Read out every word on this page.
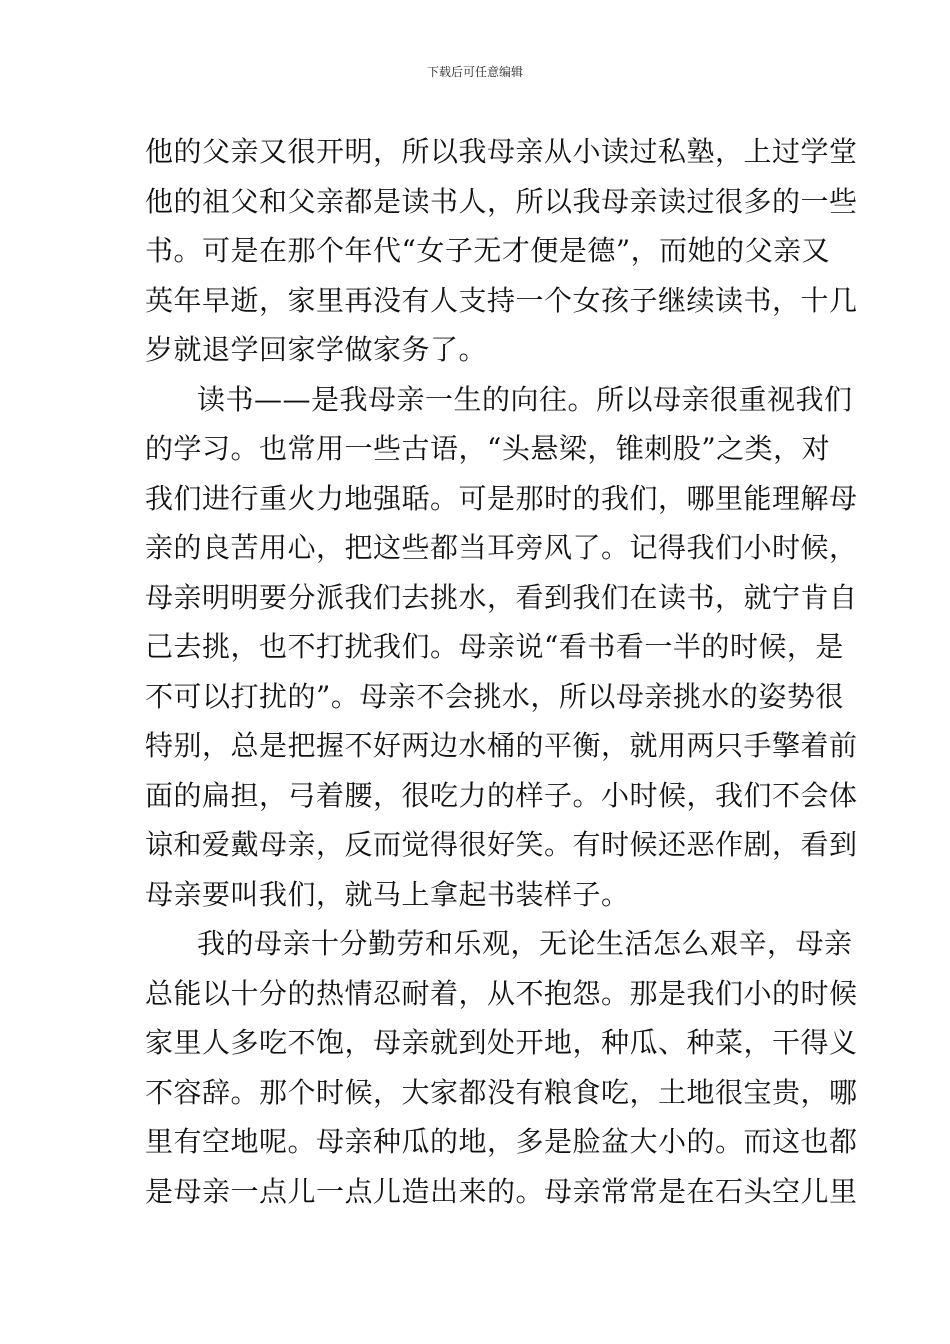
下载后可任意编辑
他的父亲又很开明，所以我母亲从小读过私塾，上过学堂
他的祖父和父亲都是读书人，所以我母亲读过很多的一些
书。可是在那个年代“女子无才便是德”，而她的父亲又
英年早逝，家里再没有人支持一个女孩子继续读书，十几
岁就退学回家学做家务了。
读书——是我母亲一生的向往。所以母亲很重视我们
的学习。也常用一些古语，“头悬梁，锥刺股”之类，对
我们进行重火力地强聒。可是那时的我们，哪里能理解母
亲的良苦用心，把这些都当耳旁风了。记得我们小时候，
母亲明明要分派我们去挑水，看到我们在读书，就宁肯自
己去挑，也不打扰我们。母亲说“看书看一半的时候，是
不可以打扰的”。母亲不会挑水，所以母亲挑水的姿势很
特别，总是把握不好两边水桶的平衡，就用两只手擎着前
面的扁担，弓着腰，很吃力的样子。小时候，我们不会体
谅和爱戴母亲，反而觉得很好笑。有时候还恶作剧，看到
母亲要叫我们，就马上拿起书装样子。
我的母亲十分勤劳和乐观，无论生活怎么艰辛，母亲
总能以十分的热情忍耐着，从不抱怨。那是我们小的时候
家里人多吃不饱，母亲就到处开地，种瓜、种菜，干得义
不容辞。那个时候，大家都没有粮食吃，土地很宝贵，哪
里有空地呢。母亲种瓜的地，多是脸盆大小的。而这也都
是母亲一点儿一点儿造出来的。母亲常常是在石头空儿里
